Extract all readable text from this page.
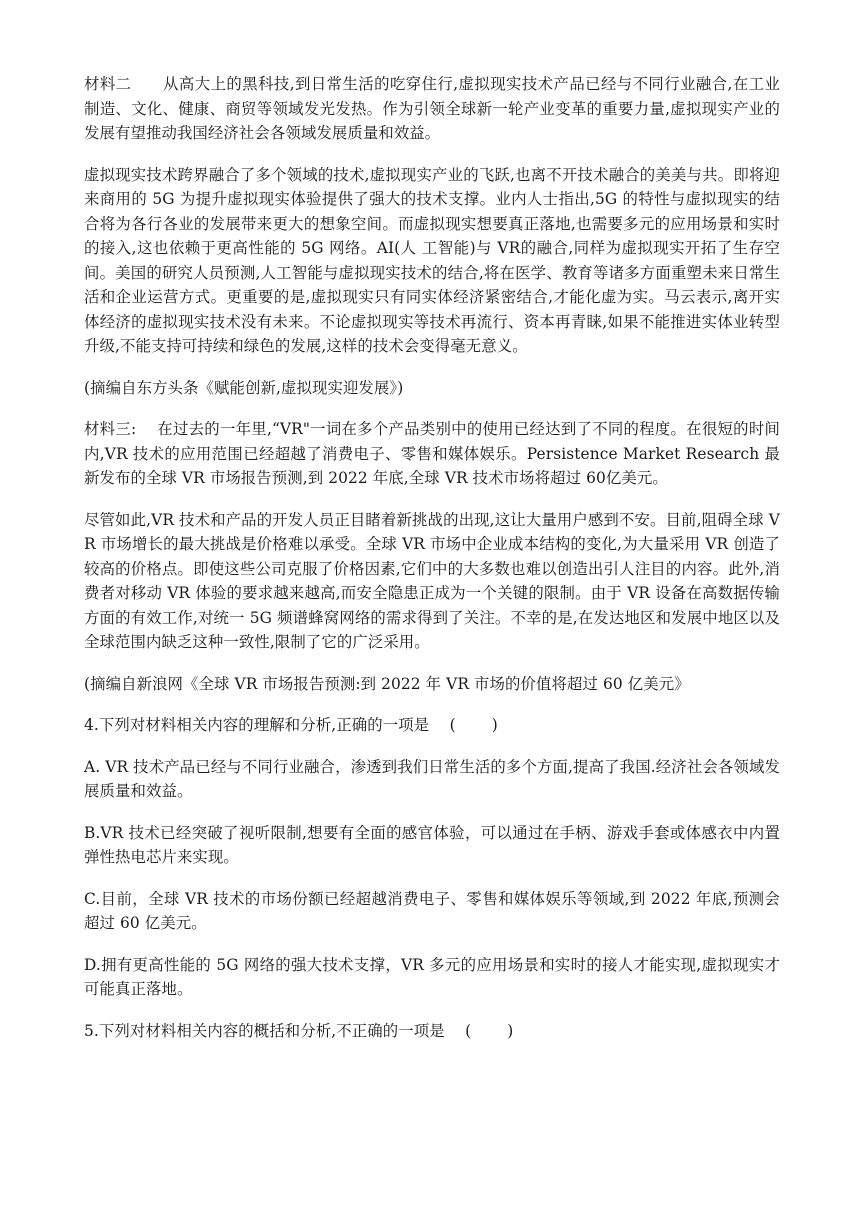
材料二　　从高大上的黑科技,到日常生活的吃穿住行,虚拟现实技术产品已经与不同行业融合,在工业制造、文化、健康、商贸等领域发光发热。作为引领全球新一轮产业变革的重要力量,虚拟现实产业的发展有望推动我国经济社会各领域发展质量和效益。

虚拟现实技术跨界融合了多个领域的技术,虚拟现实产业的飞跃,也离不开技术融合的美美与共。即将迎来商用的 5G 为提升虚拟现实体验提供了强大的技术支撑。业内人士指出,5G 的特性与虚拟现实的结合将为各行各业的发展带来更大的想象空间。而虚拟现实想要真正落地,也需要多元的应用场景和实时的接入,这也依赖于更高性能的 5G 网络。AI(人 工智能)与 VR的融合,同样为虚拟现实开拓了生存空间。美国的研究人员预测,人工智能与虚拟现实技术的结合,将在医学、教育等诸多方面重塑未来日常生活和企业运营方式。更重要的是,虚拟现实只有同实体经济紧密结合,才能化虚为实。马云表示,离开实体经济的虚拟现实技术没有未来。不论虚拟现实等技术再流行、资本再青睐,如果不能推进实体业转型升级,不能支持可持续和绿色的发展,这样的技术会变得毫无意义。

(摘编自东方头条《赋能创新,虚拟现实迎发展》)

材料三:　 在过去的一年里,“VR"一词在多个产品类别中的使用已经达到了不同的程度。在很短的时间内,VR 技术的应用范围已经超越了消费电子、零售和媒体娱乐。Persistence Market Research 最新发布的全球 VR 市场报告预测,到 2022 年底,全球 VR 技术市场将超过 60亿美元。

尽管如此,VR 技术和产品的开发人员正目睹着新挑战的出现,这让大量用户感到不安。目前,阻碍全球 VR 市场增长的最大挑战是价格难以承受。全球 VR 市场中企业成本结构的变化,为大量采用 VR 创造了较高的价格点。即使这些公司克服了价格因素,它们中的大多数也难以创造出引人注目的内容。此外,消费者对移动 VR 体验的要求越来越高,而安全隐患正成为一个关键的限制。由于 VR 设备在高数据传输方面的有效工作,对统一 5G 频谱蜂窝网络的需求得到了关注。不幸的是,在发达地区和发展中地区以及全球范围内缺乏这种一致性,限制了它的广泛采用。

(摘编自新浪网《全球 VR 市场报告预测:到 2022 年 VR 市场的价值将超过 60 亿美元》

4.下列对材料相关内容的理解和分析,正确的一项是　 (　　 )

A. VR 技术产品已经与不同行业融合，渗透到我们日常生活的多个方面,提高了我国.经济社会各领域发展质量和效益。

B.VR 技术已经突破了视听限制,想要有全面的感官体验，可以通过在手柄、游戏手套或体感衣中内置弹性热电芯片来实现。

C.目前，全球 VR 技术的市场份额已经超越消费电子、零售和媒体娱乐等领域,到 2022 年底,预测会超过 60 亿美元。

D.拥有更高性能的 5G 网络的强大技术支撑，VR 多元的应用场景和实时的接人才能实现,虚拟现实才可能真正落地。

5.下列对材料相关内容的概括和分析,不正确的一项是　 (　　 )
